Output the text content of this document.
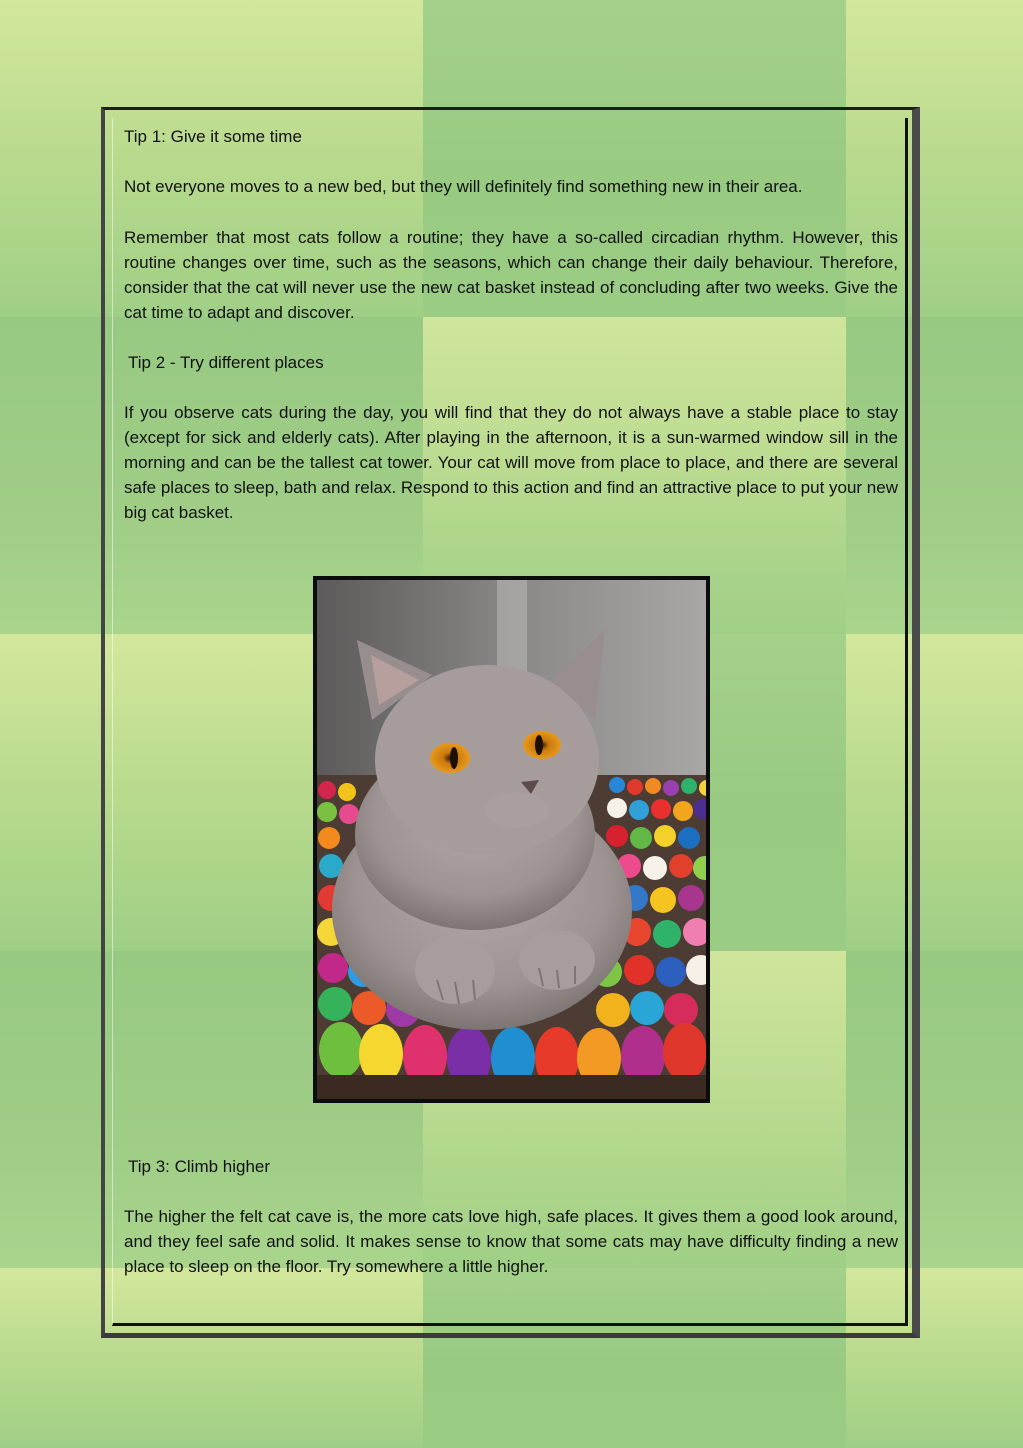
Tip 1: Give it some time

Not everyone moves to a new bed, but they will definitely find something new in their area.

Remember that most cats follow a routine; they have a so-called circadian rhythm. However, this routine changes over time, such as the seasons, which can change their daily behaviour. Therefore, consider that the cat will never use the new cat basket instead of concluding after two weeks. Give the cat time to adapt and discover.

Tip 2 - Try different places

If you observe cats during the day, you will find that they do not always have a stable place to stay (except for sick and elderly cats). After playing in the afternoon, it is a sun-warmed window sill in the morning and can be the tallest cat tower. Your cat will move from place to place, and there are several safe places to sleep, bath and relax. Respond to this action and find an attractive place to put your new big cat basket.

Tip 3: Climb higher

The higher the felt cat cave is, the more cats love high, safe places. It gives them a good look around, and they feel safe and solid. It makes sense to know that some cats may have difficulty finding a new place to sleep on the floor. Try somewhere a little higher.
